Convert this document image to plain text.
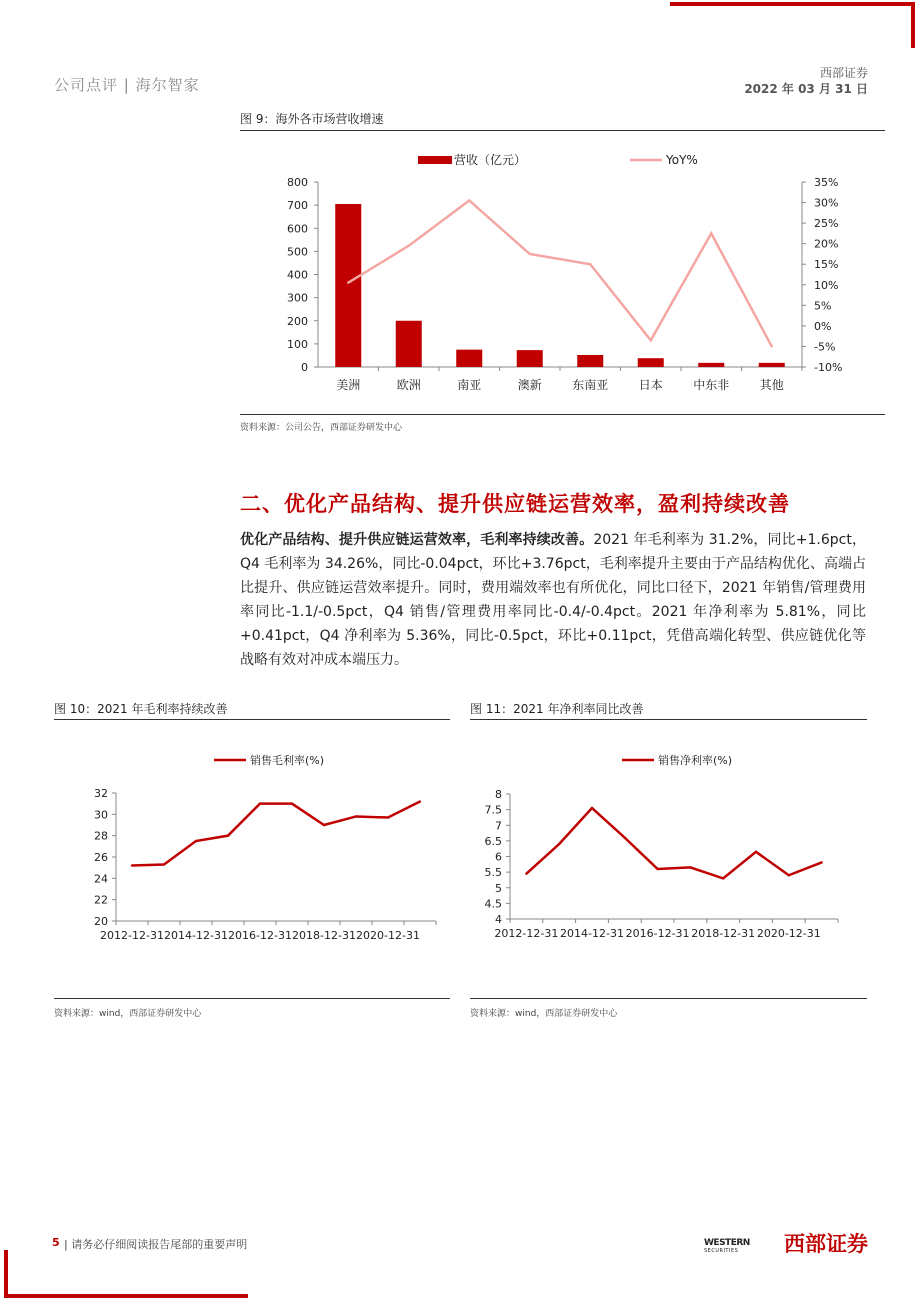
公司点评 | 海尔智家
西部证券
2022 年 03 月 31 日
图 9：海外各市场营收增速
800
700
600
500
400
300
200
100
0
35%
30%
25%
20%
15%
10%
5%
0%
-5%
-10%
美洲	欧洲	南亚	澳新	东南亚	日本	中东非	其他
营收（亿元）	YoY%
资料来源：公司公告，西部证券研发中心
二、优化产品结构、提升供应链运营效率，盈利持续改善
优化产品结构、提升供应链运营效率，毛利率持续改善。2021 年毛利率为 31.2%，同比+1.6pct，Q4 毛利率为 34.26%，同比-0.04pct，环比+3.76pct，毛利率提升主要由于产品结构优化、高端占比提升、供应链运营效率提升。同时，费用端效率也有所优化，同比口径下，2021 年销售/管理费用率同比-1.1/-0.5pct，Q4 销售/管理费用率同比-0.4/-0.4pct。2021 年净利率为 5.81%，同比+0.41pct，Q4 净利率为 5.36%，同比-0.5pct，环比+0.11pct，凭借高端化转型、供应链优化等战略有效对冲成本端压力。
图 10：2021 年毛利率持续改善
32
30
28
26
24
22
20
2012-12-31 2014-12-31 2016-12-31 2018-12-31 2020-12-31
销售毛利率(%)
资料来源：wind，西部证券研发中心
图 11：2021 年净利率同比改善
8
7.5
7
6.5
6
5.5
5
4.5
4
2012-12-31 2014-12-31 2016-12-31 2018-12-31 2020-12-31
销售净利率(%)
资料来源：wind，西部证券研发中心
5 | 请务必仔细阅读报告尾部的重要声明	WESTERN
SECURITIES	西部证券
